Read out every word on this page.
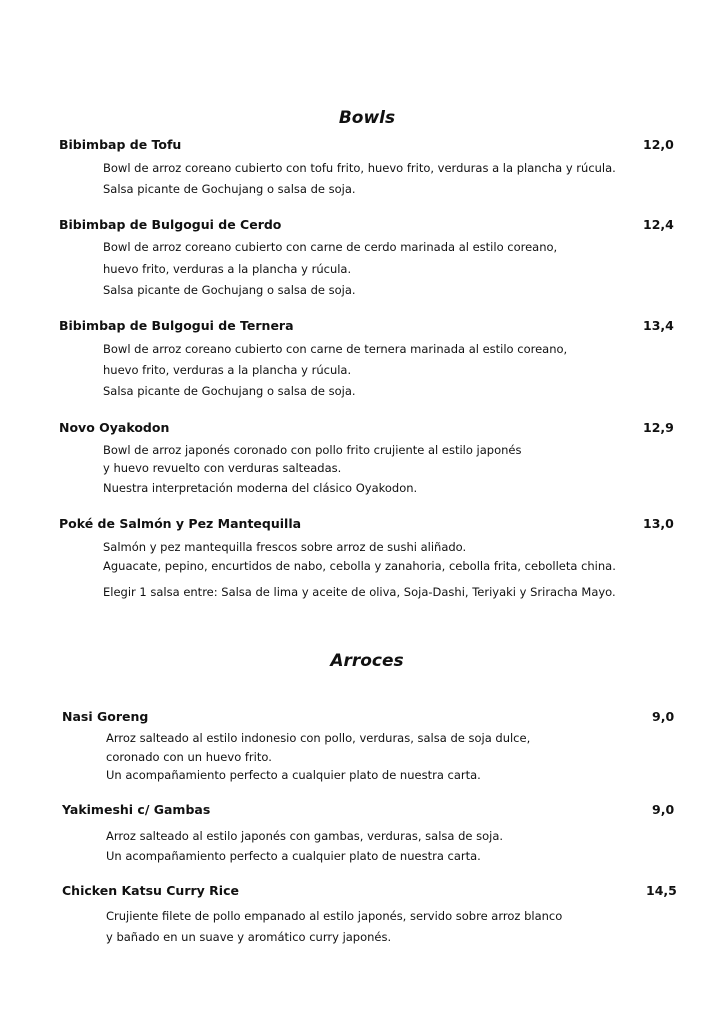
Bowls
Bibimbap de Tofu	12,0
Bowl de arroz coreano cubierto con tofu frito, huevo frito, verduras a la plancha y rúcula.
Salsa picante de Gochujang o salsa de soja.
Bibimbap de Bulgogui de Cerdo	12,4
Bowl de arroz coreano cubierto con carne de cerdo marinada al estilo coreano,
huevo frito, verduras a la plancha y rúcula.
Salsa picante de Gochujang o salsa de soja.
Bibimbap de Bulgogui de Ternera	13,4
Bowl de arroz coreano cubierto con carne de ternera marinada al estilo coreano,
huevo frito, verduras a la plancha y rúcula.
Salsa picante de Gochujang o salsa de soja.
Novo Oyakodon	12,9
Bowl de arroz japonés coronado con pollo frito crujiente al estilo japonés
y huevo revuelto con verduras salteadas.
Nuestra interpretación moderna del clásico Oyakodon.
Poké de Salmón y Pez Mantequilla	13,0
Salmón y pez mantequilla frescos sobre arroz de sushi aliñado.
Aguacate, pepino, encurtidos de nabo, cebolla y zanahoria, cebolla frita, cebolleta china.
Elegir 1 salsa entre: Salsa de lima y aceite de oliva, Soja-Dashi, Teriyaki y Sriracha Mayo.
Arroces
Nasi Goreng	9,0
Arroz salteado al estilo indonesio con pollo, verduras, salsa de soja dulce,
coronado con un huevo frito.
Un acompañamiento perfecto a cualquier plato de nuestra carta.
Yakimeshi c/ Gambas	9,0
Arroz salteado al estilo japonés con gambas, verduras, salsa de soja.
Un acompañamiento perfecto a cualquier plato de nuestra carta.
Chicken Katsu Curry Rice	14,5
Crujiente filete de pollo empanado al estilo japonés, servido sobre arroz blanco
y bañado en un suave y aromático curry japonés.
